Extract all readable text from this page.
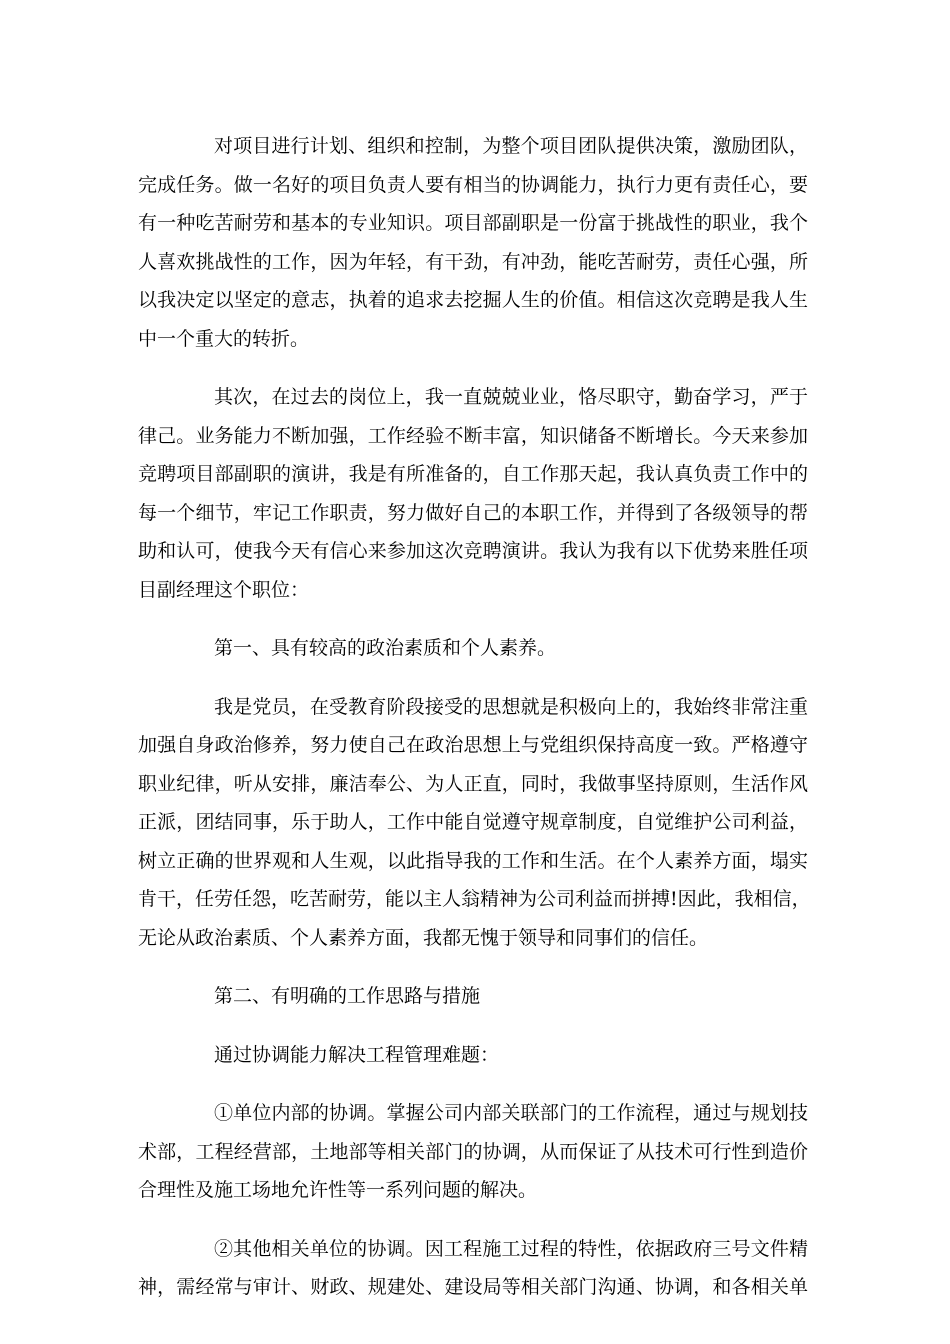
对项目进行计划、组织和控制，为整个项目团队提供决策，激励团队，
完成任务。做一名好的项目负责人要有相当的协调能力，执行力更有责任心，要
有一种吃苦耐劳和基本的专业知识。项目部副职是一份富于挑战性的职业，我个
人喜欢挑战性的工作，因为年轻，有干劲，有冲劲，能吃苦耐劳，责任心强，所
以我决定以坚定的意志，执着的追求去挖掘人生的价值。相信这次竞聘是我人生
中一个重大的转折。
其次，在过去的岗位上，我一直兢兢业业，恪尽职守，勤奋学习，严于
律己。业务能力不断加强，工作经验不断丰富，知识储备不断增长。今天来参加
竞聘项目部副职的演讲，我是有所准备的，自工作那天起，我认真负责工作中的
每一个细节，牢记工作职责，努力做好自己的本职工作，并得到了各级领导的帮
助和认可，使我今天有信心来参加这次竞聘演讲。我认为我有以下优势来胜任项
目副经理这个职位：
第一、具有较高的政治素质和个人素养。
我是党员，在受教育阶段接受的思想就是积极向上的，我始终非常注重
加强自身政治修养，努力使自己在政治思想上与党组织保持高度一致。严格遵守
职业纪律，听从安排，廉洁奉公、为人正直，同时，我做事坚持原则，生活作风
正派，团结同事，乐于助人，工作中能自觉遵守规章制度，自觉维护公司利益，
树立正确的世界观和人生观，以此指导我的工作和生活。在个人素养方面，塌实
肯干，任劳任怨，吃苦耐劳，能以主人翁精神为公司利益而拼搏!因此，我相信，
无论从政治素质、个人素养方面，我都无愧于领导和同事们的信任。
第二、有明确的工作思路与措施
通过协调能力解决工程管理难题：
①单位内部的协调。掌握公司内部关联部门的工作流程，通过与规划技
术部，工程经营部，土地部等相关部门的协调，从而保证了从技术可行性到造价
合理性及施工场地允许性等一系列问题的解决。
②其他相关单位的协调。因工程施工过程的特性，依据政府三号文件精
神，需经常与审计、财政、规建处、建设局等相关部门沟通、协调，和各相关单
